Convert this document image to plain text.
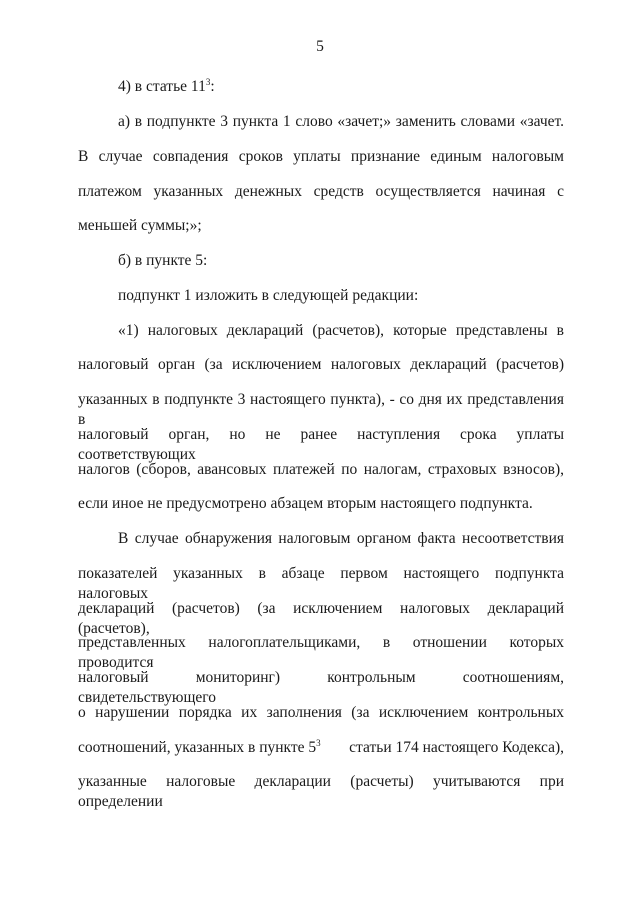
5
4) в статье $11^3$:
а) в подпункте 3 пункта 1 слово «зачет;» заменить словами «зачет.
В случае совпадения сроков уплаты признание единым налоговым
платежом указанных денежных средств осуществляется начиная с
меньшей суммы;»;
б) в пункте 5:
подпункт 1 изложить в следующей редакции:
«1) налоговых деклараций (расчетов), которые представлены в
налоговый орган (за исключением налоговых деклараций (расчетов)
указанных в подпункте 3 настоящего пункта), - со дня их представления в
налоговый орган, но не ранее наступления срока уплаты соответствующих
налогов (сборов, авансовых платежей по налогам, страховых взносов),
если иное не предусмотрено абзацем вторым настоящего подпункта.
В случае обнаружения налоговым органом факта несоответствия
показателей указанных в абзаце первом настоящего подпункта налоговых
деклараций (расчетов) (за исключением налоговых деклараций (расчетов),
представленных налогоплательщиками, в отношении которых проводится
налоговый мониторинг) контрольным соотношениям, свидетельствующего
о нарушении порядка их заполнения (за исключением контрольных
соотношений, указанных в пункте $5^3$ статьи 174 настоящего Кодекса),
указанные налоговые декларации (расчеты) учитываются при определении
